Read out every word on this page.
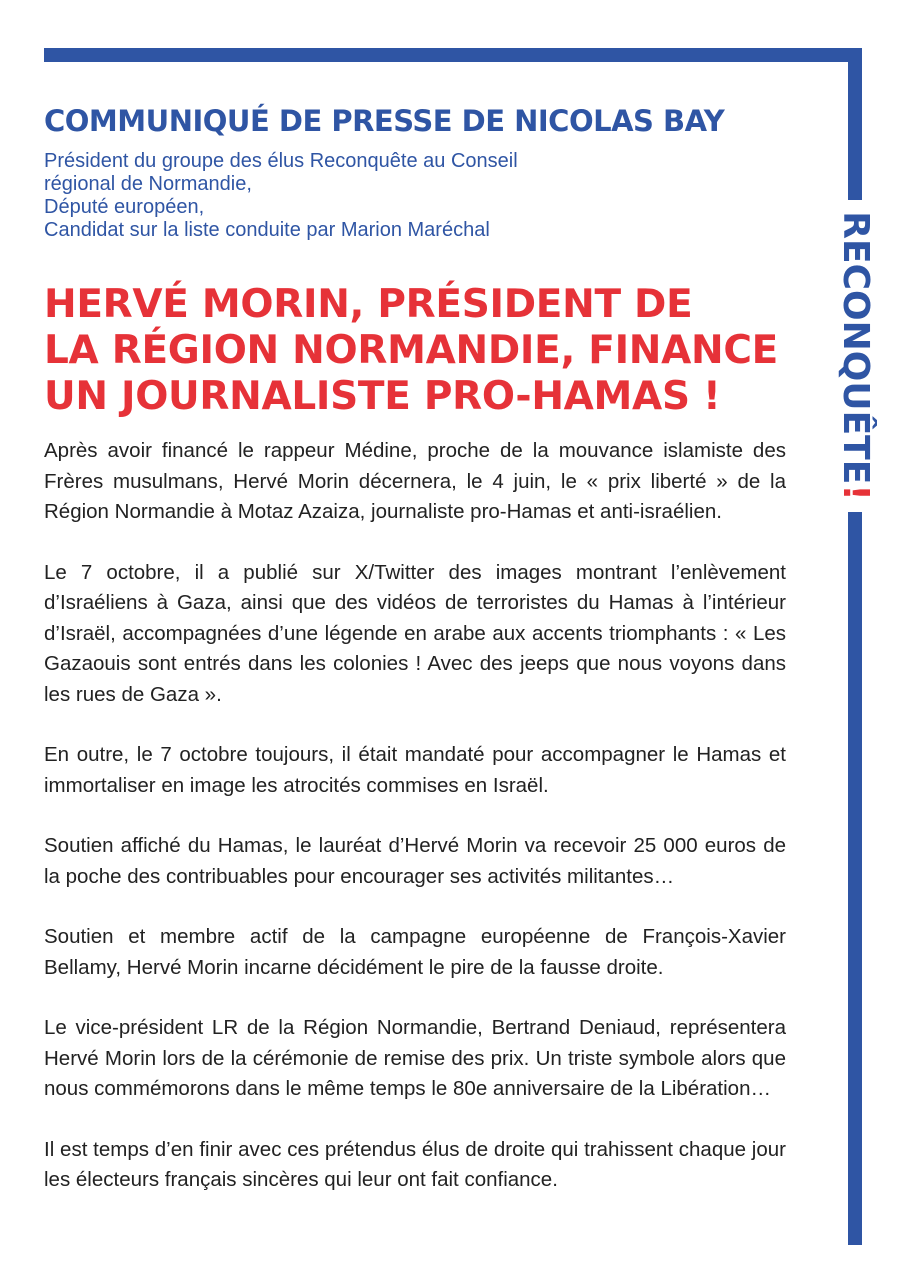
RECONQUÊTE!
COMMUNIQUÉ DE PRESSE DE NICOLAS BAY
Président du groupe des élus Reconquête au Conseil
régional de Normandie,
Député européen,
Candidat sur la liste conduite par Marion Maréchal
HERVÉ MORIN, PRÉSIDENT DE
LA RÉGION NORMANDIE, FINANCE
UN JOURNALISTE PRO-HAMAS !

Après avoir financé le rappeur Médine, proche de la mouvance islamiste des Frères musulmans, Hervé Morin décernera, le 4 juin, le « prix liberté » de la Région Normandie à Motaz Azaiza, journaliste pro-Hamas et anti-israélien.

Le 7 octobre, il a publié sur X/Twitter des images montrant l’enlèvement d’Israéliens à Gaza, ainsi que des vidéos de terroristes du Hamas à l’intérieur d’Israël, accompagnées d’une légende en arabe aux accents triomphants : « Les Gazaouis sont entrés dans les colonies ! Avec des jeeps que nous voyons dans les rues de Gaza ».

En outre, le 7 octobre toujours, il était mandaté pour accompagner le Hamas et immortaliser en image les atrocités commises en Israël.

Soutien affiché du Hamas, le lauréat d’Hervé Morin va recevoir 25 000 euros de la poche des contribuables pour encourager ses activités militantes…

Soutien et membre actif de la campagne européenne de François-Xavier Bellamy, Hervé Morin incarne décidément le pire de la fausse droite.

Le vice-président LR de la Région Normandie, Bertrand Deniaud, représentera Hervé Morin lors de la cérémonie de remise des prix. Un triste symbole alors que nous commémorons dans le même temps le 80e anniversaire de la Libération…

Il est temps d’en finir avec ces prétendus élus de droite qui trahissent chaque jour les électeurs français sincères qui leur ont fait confiance.
